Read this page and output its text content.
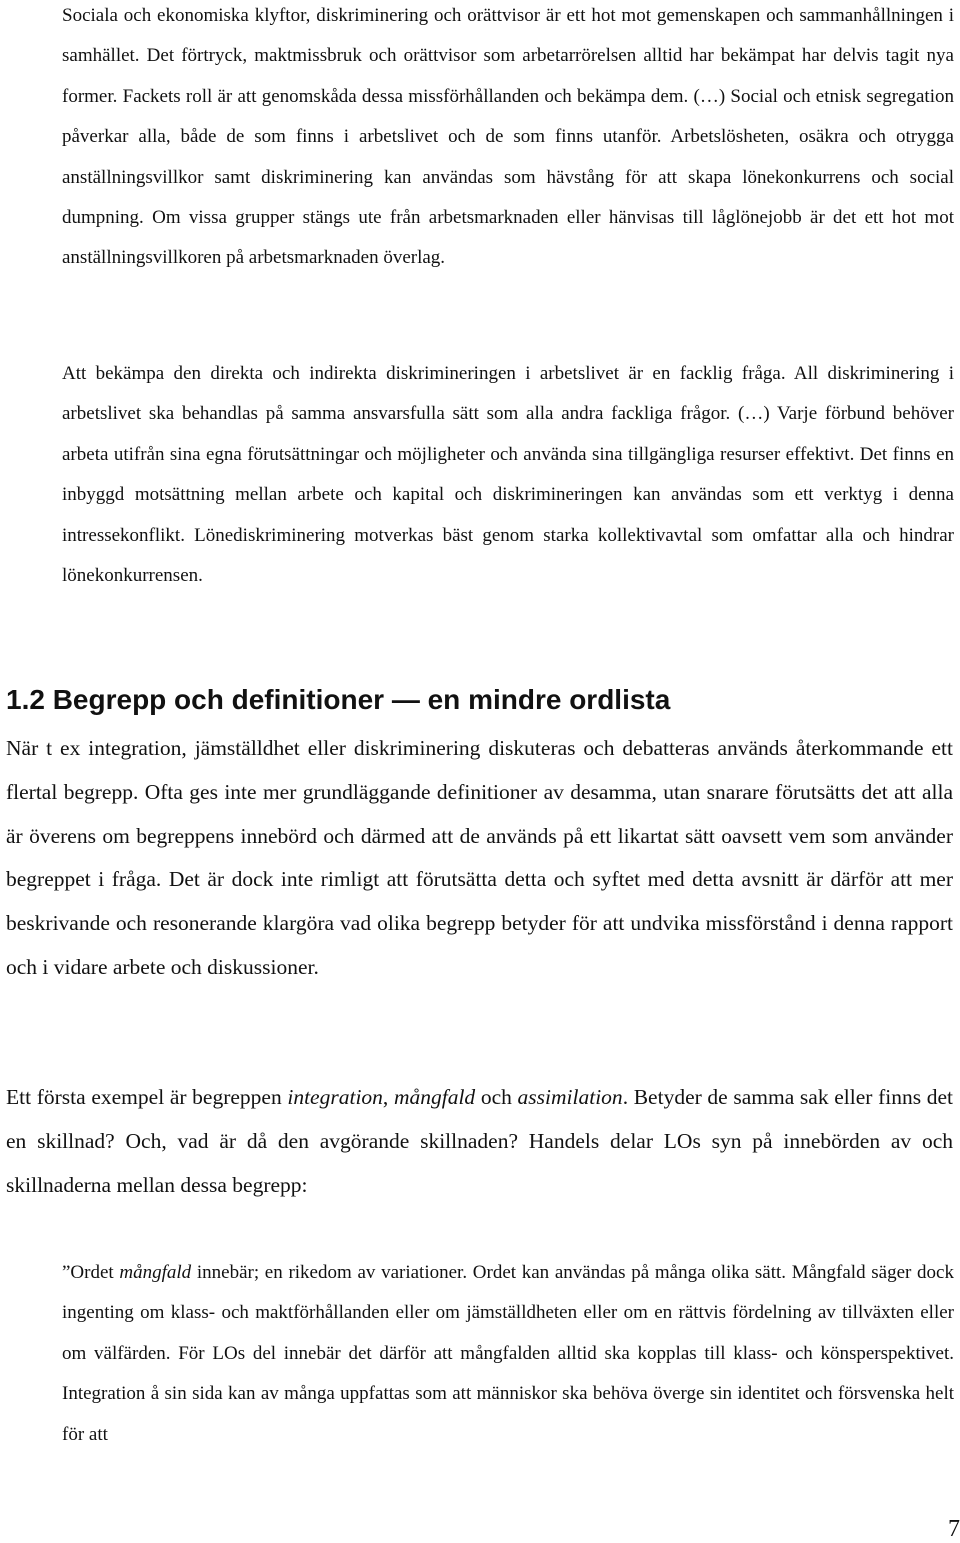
Sociala och ekonomiska klyftor, diskriminering och orättvisor är ett hot mot gemenskapen och sammanhållningen i samhället. Det förtryck, maktmissbruk och orättvisor som arbetarrörelsen alltid har bekämpat har delvis tagit nya former. Fackets roll är att genomskåda dessa missförhållanden och bekämpa dem. (…) Social och etnisk segregation påverkar alla, både de som finns i arbetslivet och de som finns utanför. Arbetslösheten, osäkra och otrygga anställningsvillkor samt diskriminering kan användas som hävstång för att skapa lönekonkurrens och social dumpning. Om vissa grupper stängs ute från arbetsmarknaden eller hänvisas till låglönejobb är det ett hot mot anställningsvillkoren på arbetsmarknaden överlag.

Att bekämpa den direkta och indirekta diskrimineringen i arbetslivet är en facklig fråga. All diskriminering i arbetslivet ska behandlas på samma ansvarsfulla sätt som alla andra fackliga frågor. (…) Varje förbund behöver arbeta utifrån sina egna förutsättningar och möjligheter och använda sina tillgängliga resurser effektivt. Det finns en inbyggd motsättning mellan arbete och kapital och diskrimineringen kan användas som ett verktyg i denna intressekonflikt. Lönediskriminering motverkas bäst genom starka kollektivavtal som omfattar alla och hindrar lönekonkurrensen.

1.2 Begrepp och definitioner — en mindre ordlista

När t ex integration, jämställdhet eller diskriminering diskuteras och debatteras används återkommande ett flertal begrepp. Ofta ges inte mer grundläggande definitioner av desamma, utan snarare förutsätts det att alla är överens om begreppens innebörd och därmed att de används på ett likartat sätt oavsett vem som använder begreppet i fråga. Det är dock inte rimligt att förutsätta detta och syftet med detta avsnitt är därför att mer beskrivande och resonerande klargöra vad olika begrepp betyder för att undvika missförstånd i denna rapport och i vidare arbete och diskussioner.

Ett första exempel är begreppen integration, mångfald och assimilation. Betyder de samma sak eller finns det en skillnad? Och, vad är då den avgörande skillnaden? Handels delar LOs syn på innebörden av och skillnaderna mellan dessa begrepp:

”Ordet mångfald innebär; en rikedom av variationer. Ordet kan användas på många olika sätt. Mångfald säger dock ingenting om klass- och maktförhållanden eller om jämställdheten eller om en rättvis fördelning av tillväxten eller om välfärden. För LOs del innebär det därför att mångfalden alltid ska kopplas till klass- och könsperspektivet. Integration å sin sida kan av många uppfattas som att människor ska behöva överge sin identitet och försvenska helt för att

7
